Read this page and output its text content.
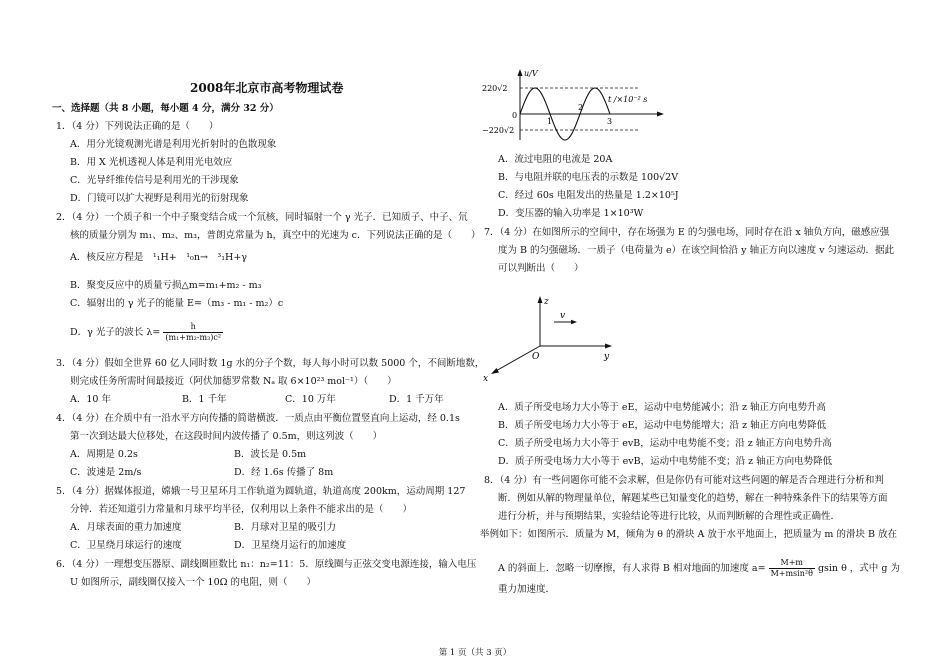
2008年北京市高考物理试卷
一、选择题（共 8 小题，每小题 4 分，满分 32 分）
1．（4 分）下列说法正确的是（　　）
A．用分光镜观测光谱是利用光折射时的色散现象
B．用 X 光机透视人体是利用光电效应
C．光导纤维传信号是利用光的干涉现象
D．门镜可以扩大视野是利用光的衍射现象
2．（4 分）一个质子和一个中子聚变结合成一个氘核，同时辐射一个 γ 光子．已知质子、中子、氘
核的质量分别为 m₁、m₂、m₃，普朗克常量为 h，真空中的光速为 c．下列说法正确的是（　　）
A．核反应方程是　¹₁H+　¹₀n→　³₁H+γ
B．聚变反应中的质量亏损△m=m₁+m₂ - m₃
C．辐射出的 γ 光子的能量 E=（m₃ - m₁ - m₂）c
D．γ 光子的波长 $\lambda= \frac{h}{\text{(m₁+m₂-m₃)c²}}$
3．（4 分）假如全世界 60 亿人同时数 1g 水的分子个数，每人每小时可以数 5000 个，不间断地数，
则完成任务所需时间最接近（阿伏加德罗常数 Nₐ 取 6×10²³ mol⁻¹）（　　）
A．10 年	B．1 千年	C．10 万年	D．1 千万年
4．（4 分）在介质中有一沿水平方向传播的简谐横波．一质点由平衡位置竖直向上运动，经 0.1s
第一次到达最大位移处，在这段时间内波传播了 0.5m，则这列波（　　）
A．周期是 0.2s	B．波长是 0.5m
C．波速是 2m/s	D．经 1.6s 传播了 8m
5．（4 分）据媒体报道，嫦娥一号卫星环月工作轨道为圆轨道，轨道高度 200km，运动周期 127
分钟．若还知道引力常量和月球平均半径，仅利用以上条件不能求出的是（　　）
A．月球表面的重力加速度	B．月球对卫星的吸引力
C．卫星绕月球运行的速度	D．卫星绕月运行的加速度
6．（4 分）一理想变压器原、副线圈匝数比 n₁：n₂=11：5．原线圈与正弦交变电源连接，输入电压
U 如图所示，副线圈仅接入一个 10Ω 的电阻，则（　　）
u/V
t /×10⁻² s
220√2
−220√2
0
1
2
3
A．流过电阻的电流是 20A
B．与电阻并联的电压表的示数是 100√2V
C．经过 60s 电阻发出的热量是 1.2×10⁵J
D．变压器的输入功率是 1×10³W
7．（4 分）在如图所示的空间中，存在场强为 E 的匀强电场，同时存在沿 x 轴负方向，磁感应强
度为 B 的匀强磁场．一质子（电荷量为 e）在该空间恰沿 y 轴正方向以速度 v 匀速运动．据此
可以判断出（　　）
z
y
x
O
v
A．质子所受电场力大小等于 eE，运动中电势能减小；沿 z 轴正方向电势升高
B．质子所受电场力大小等于 eE，运动中电势能增大；沿 z 轴正方向电势降低
C．质子所受电场力大小等于 evB，运动中电势能不变；沿 z 轴正方向电势升高
D．质子所受电场力大小等于 evB，运动中电势能不变；沿 z 轴正方向电势降低
8．（4 分）有一些问题你可能不会求解，但是你仍有可能对这些问题的解是否合理进行分析和判
断．例如从解的物理量单位，解题某些已知量变化的趋势，解在一种特殊条件下的结果等方面
进行分析，并与预期结果，实验结论等进行比较，从而判断解的合理性或正确性．
举例如下：如图所示．质量为 M，倾角为 θ 的滑块 A 放于水平地面上，把质量为 m 的滑块 B 放在
A 的斜面上．忽略一切摩擦，有人求得 B 相对地面的加速度 $a= \frac{M+m}{\text{M+msin²θ}}$ gsin θ ，式中 g 为
重力加速度．
第 1 页（共 3 页）
